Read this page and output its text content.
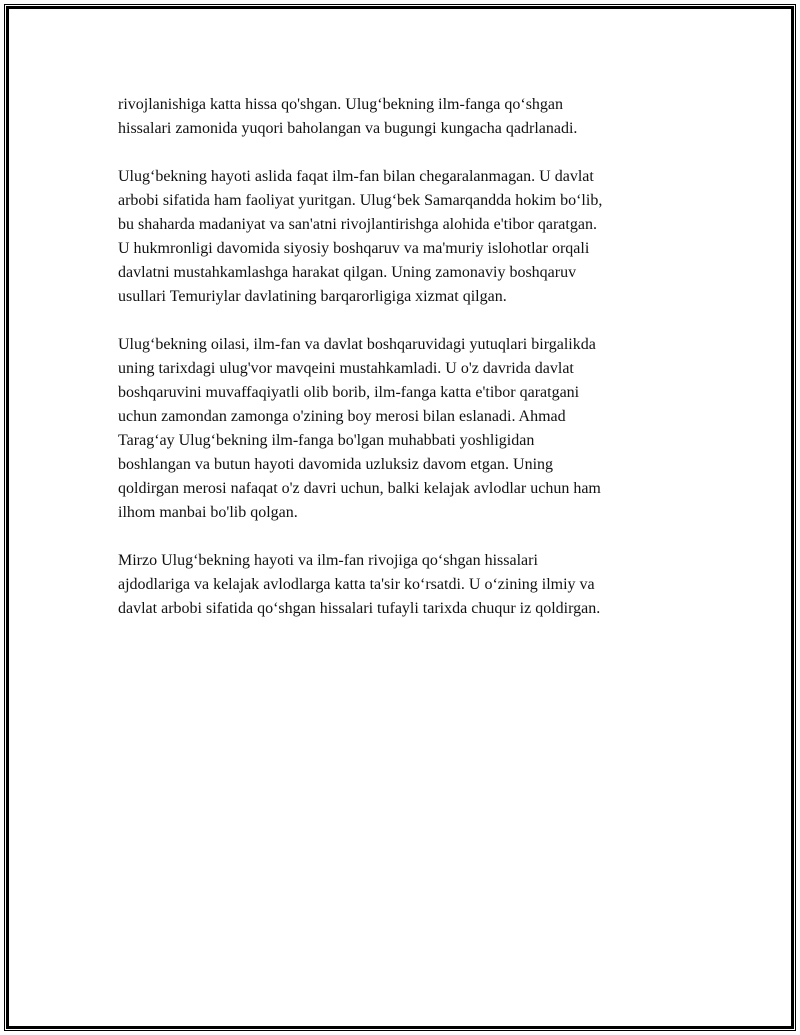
rivojlanishiga katta hissa qo'shgan. Ulug‘bekning ilm-fanga qo‘shgan
hissalari zamonida yuqori baholangan va bugungi kungacha qadrlanadi.

Ulug‘bekning hayoti aslida faqat ilm-fan bilan chegaralanmagan. U davlat
arbobi sifatida ham faoliyat yuritgan. Ulug‘bek Samarqandda hokim bo‘lib,
bu shaharda madaniyat va san'atni rivojlantirishga alohida e'tibor qaratgan.
U hukmronligi davomida siyosiy boshqaruv va ma'muriy islohotlar orqali
davlatni mustahkamlashga harakat qilgan. Uning zamonaviy boshqaruv
usullari Temuriylar davlatining barqarorligiga xizmat qilgan.

Ulug‘bekning oilasi, ilm-fan va davlat boshqaruvidagi yutuqlari birgalikda
uning tarixdagi ulug'vor mavqeini mustahkamladi. U o'z davrida davlat
boshqaruvini muvaffaqiyatli olib borib, ilm-fanga katta e'tibor qaratgani
uchun zamondan zamonga o'zining boy merosi bilan eslanadi. Ahmad
Tarag‘ay Ulug‘bekning ilm-fanga bo'lgan muhabbati yoshligidan
boshlangan va butun hayoti davomida uzluksiz davom etgan. Uning
qoldirgan merosi nafaqat o'z davri uchun, balki kelajak avlodlar uchun ham
ilhom manbai bo'lib qolgan.

Mirzo Ulug‘bekning hayoti va ilm-fan rivojiga qo‘shgan hissalari
ajdodlariga va kelajak avlodlarga katta ta'sir ko‘rsatdi. U o‘zining ilmiy va
davlat arbobi sifatida qo‘shgan hissalari tufayli tarixda chuqur iz qoldirgan.
